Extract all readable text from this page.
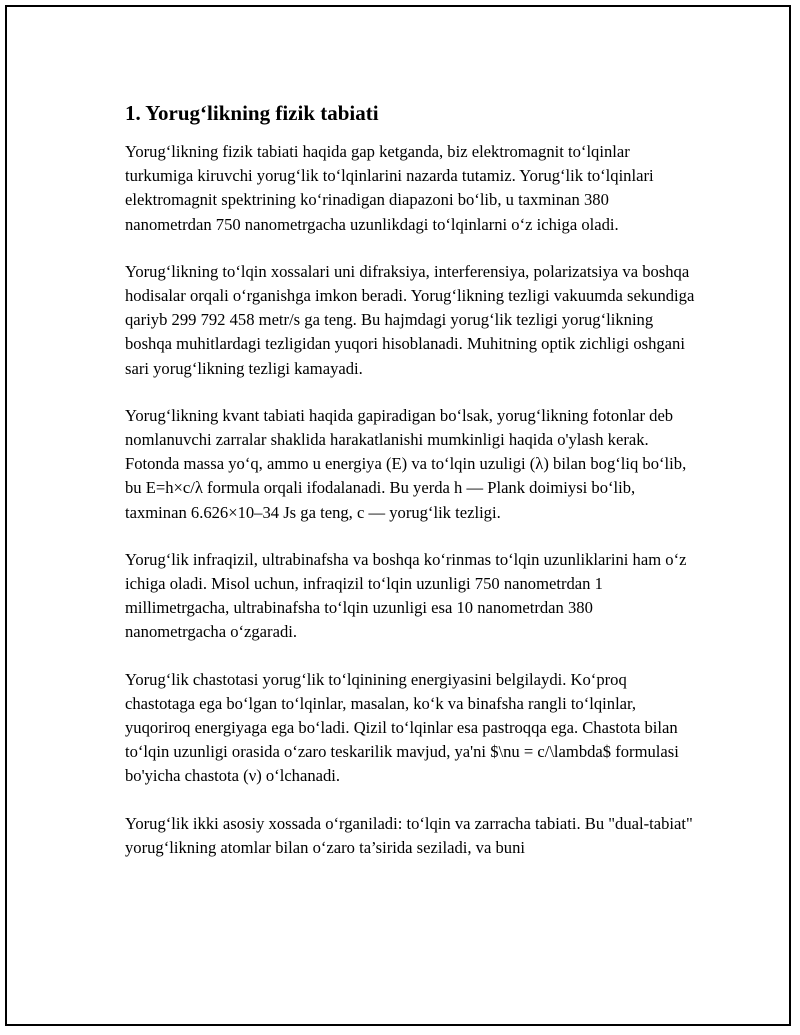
1. Yorug‘likning fizik tabiati

Yorug‘likning fizik tabiati haqida gap ketganda, biz elektromagnit to‘lqinlar turkumiga kiruvchi yorug‘lik to‘lqinlarini nazarda tutamiz. Yorug‘lik to‘lqinlari elektromagnit spektrining ko‘rinadigan diapazoni bo‘lib, u taxminan 380 nanometrdan 750 nanometrgacha uzunlikdagi to‘lqinlarni o‘z ichiga oladi.

Yorug‘likning to‘lqin xossalari uni difraksiya, interferensiya, polarizatsiya va boshqa hodisalar orqali o‘rganishga imkon beradi. Yorug‘likning tezligi vakuumda sekundiga qariyb 299 792 458 metr/s ga teng. Bu hajmdagi yorug‘lik tezligi yorug‘likning boshqa muhitlardagi tezligidan yuqori hisoblanadi. Muhitning optik zichligi oshgani sari yorug‘likning tezligi kamayadi.

Yorug‘likning kvant tabiati haqida gapiradigan bo‘lsak, yorug‘likning fotonlar deb nomlanuvchi zarralar shaklida harakatlanishi mumkinligi haqida o'ylash kerak. Fotonda massa yo‘q, ammo u energiya (E) va to‘lqin uzuligi (λ) bilan bog‘liq bo‘lib, bu E=h×c/λ formula orqali ifodalanadi. Bu yerda h — Plank doimiysi bo‘lib, taxminan 6.626×10–34 Js ga teng, c — yorug‘lik tezligi.

Yorug‘lik infraqizil, ultrabinafsha va boshqa ko‘rinmas to‘lqin uzunliklarini ham o‘z ichiga oladi. Misol uchun, infraqizil to‘lqin uzunligi 750 nanometrdan 1 millimetrgacha, ultrabinafsha to‘lqin uzunligi esa 10 nanometrdan 380 nanometrgacha o‘zgaradi.

Yorug‘lik chastotasi yorug‘lik to‘lqinining energiyasini belgilaydi. Ko‘proq chastotaga ega bo‘lgan to‘lqinlar, masalan, ko‘k va binafsha rangli to‘lqinlar, yuqoriroq energiyaga ega bo‘ladi. Qizil to‘lqinlar esa pastroqqa ega. Chastota bilan to‘lqin uzunligi orasida o‘zaro teskarilik mavjud, ya'ni $\nu = c/\lambda$ formulasi bo'yicha chastota (ν) o‘lchanadi.

Yorug‘lik ikki asosiy xossada o‘rganiladi: to‘lqin va zarracha tabiati. Bu "dual-tabiat" yorug‘likning atomlar bilan o‘zaro ta’sirida seziladi, va buni
